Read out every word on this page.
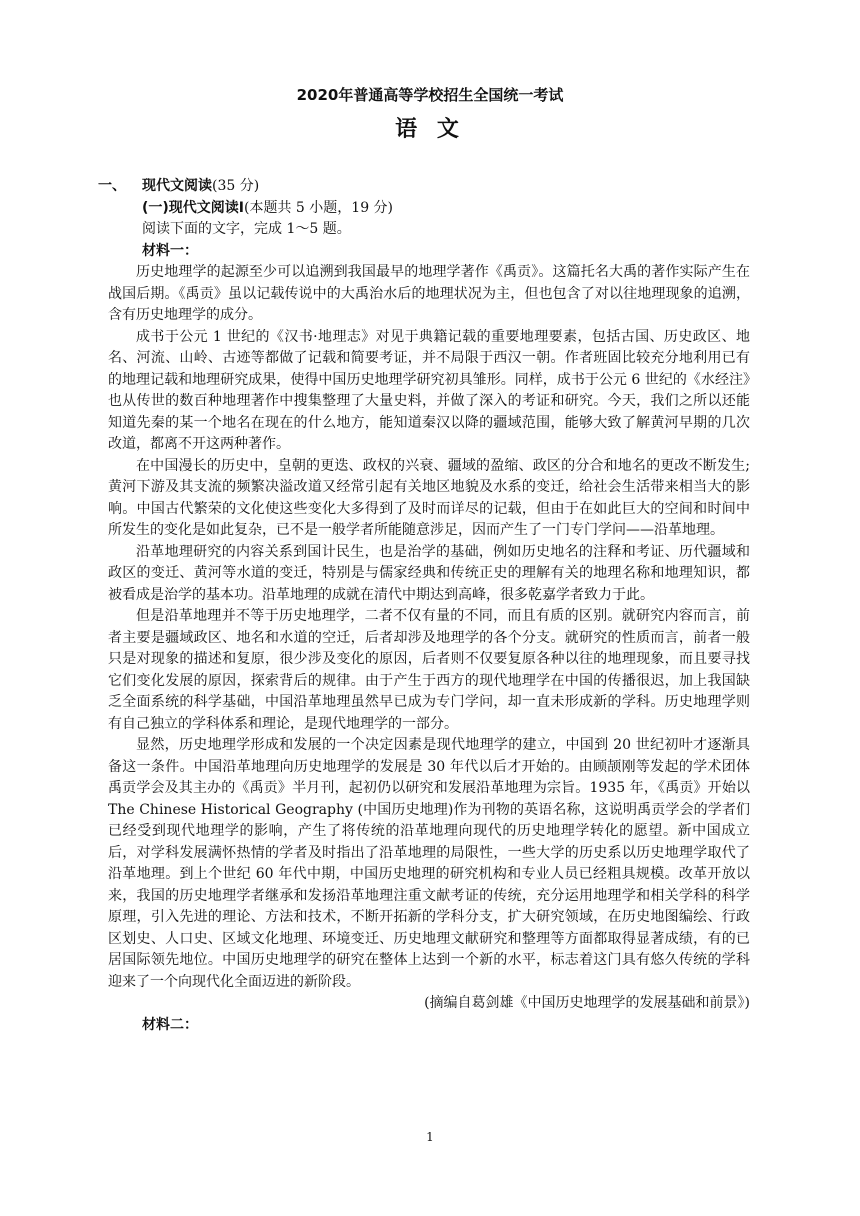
2020年普通高等学校招生全国统一考试
语 文
一、 现代文阅读(35 分)
(一)现代文阅读Ⅰ(本题共 5 小题，19 分)
阅读下面的文字，完成 1～5 题。
材料一：

历史地理学的起源至少可以追溯到我国最早的地理学著作《禹贡》。这篇托名大禹的著作实际产生在战国后期。《禹贡》虽以记载传说中的大禹治水后的地理状况为主，但也包含了对以往地理现象的追溯，含有历史地理学的成分。

成书于公元 1 世纪的《汉书·地理志》对见于典籍记载的重要地理要素，包括古国、历史政区、地名、河流、山岭、古迹等都做了记载和简要考证，并不局限于西汉一朝。作者班固比较充分地利用已有的地理记载和地理研究成果，使得中国历史地理学研究初具雏形。同样，成书于公元 6 世纪的《水经注》也从传世的数百种地理著作中搜集整理了大量史料，并做了深入的考证和研究。今天，我们之所以还能知道先秦的某一个地名在现在的什么地方，能知道秦汉以降的疆域范围，能够大致了解黄河早期的几次改道，都离不开这两种著作。

在中国漫长的历史中，皇朝的更迭、政权的兴衰、疆域的盈缩、政区的分合和地名的更改不断发生;黄河下游及其支流的频繁决溢改道又经常引起有关地区地貌及水系的变迁，给社会生活带来相当大的影响。中国古代繁荣的文化使这些变化大多得到了及时而详尽的记载，但由于在如此巨大的空间和时间中所发生的变化是如此复杂，已不是一般学者所能随意涉足，因而产生了一门专门学问——沿革地理。

沿革地理研究的内容关系到国计民生，也是治学的基础，例如历史地名的注释和考证、历代疆域和政区的变迁、黄河等水道的变迁，特别是与儒家经典和传统正史的理解有关的地理名称和地理知识，都被看成是治学的基本功。沿革地理的成就在清代中期达到高峰，很多乾嘉学者致力于此。

但是沿革地理并不等于历史地理学，二者不仅有量的不同，而且有质的区别。就研究内容而言，前者主要是疆域政区、地名和水道的空迁，后者却涉及地理学的各个分支。就研究的性质而言，前者一般只是对现象的描述和复原，很少涉及变化的原因，后者则不仅要复原各种以往的地理现象，而且要寻找它们变化发展的原因，探索背后的规律。由于产生于西方的现代地理学在中国的传播很迟，加上我国缺乏全面系统的科学基础，中国沿革地理虽然早已成为专门学问，却一直未形成新的学科。历史地理学则有自己独立的学科体系和理论，是现代地理学的一部分。

显然，历史地理学形成和发展的一个决定因素是现代地理学的建立，中国到 20 世纪初叶才逐渐具备这一条件。中国沿革地理向历史地理学的发展是 30 年代以后才开始的。由顾颉刚等发起的学术团体禹贡学会及其主办的《禹贡》半月刊，起初仍以研究和发展沿革地理为宗旨。1935 年，《禹贡》开始以 The Chinese Historical Geography (中国历史地理)作为刊物的英语名称，这说明禹贡学会的学者们已经受到现代地理学的影响，产生了将传统的沿革地理向现代的历史地理学转化的愿望。新中国成立后，对学科发展满怀热情的学者及时指出了沿革地理的局限性，一些大学的历史系以历史地理学取代了沿革地理。到上个世纪 60 年代中期，中国历史地理的研究机构和专业人员已经粗具规模。改革开放以来，我国的历史地理学者继承和发扬沿革地理注重文献考证的传统，充分运用地理学和相关学科的科学原理，引入先进的理论、方法和技术，不断开拓新的学科分支，扩大研究领域，在历史地图编绘、行政区划史、人口史、区域文化地理、环境变迁、历史地理文献研究和整理等方面都取得显著成绩，有的已居国际领先地位。中国历史地理学的研究在整体上达到一个新的水平，标志着这门具有悠久传统的学科迎来了一个向现代化全面迈进的新阶段。

(摘编自葛剑雄《中国历史地理学的发展基础和前景》)
材料二：
1
